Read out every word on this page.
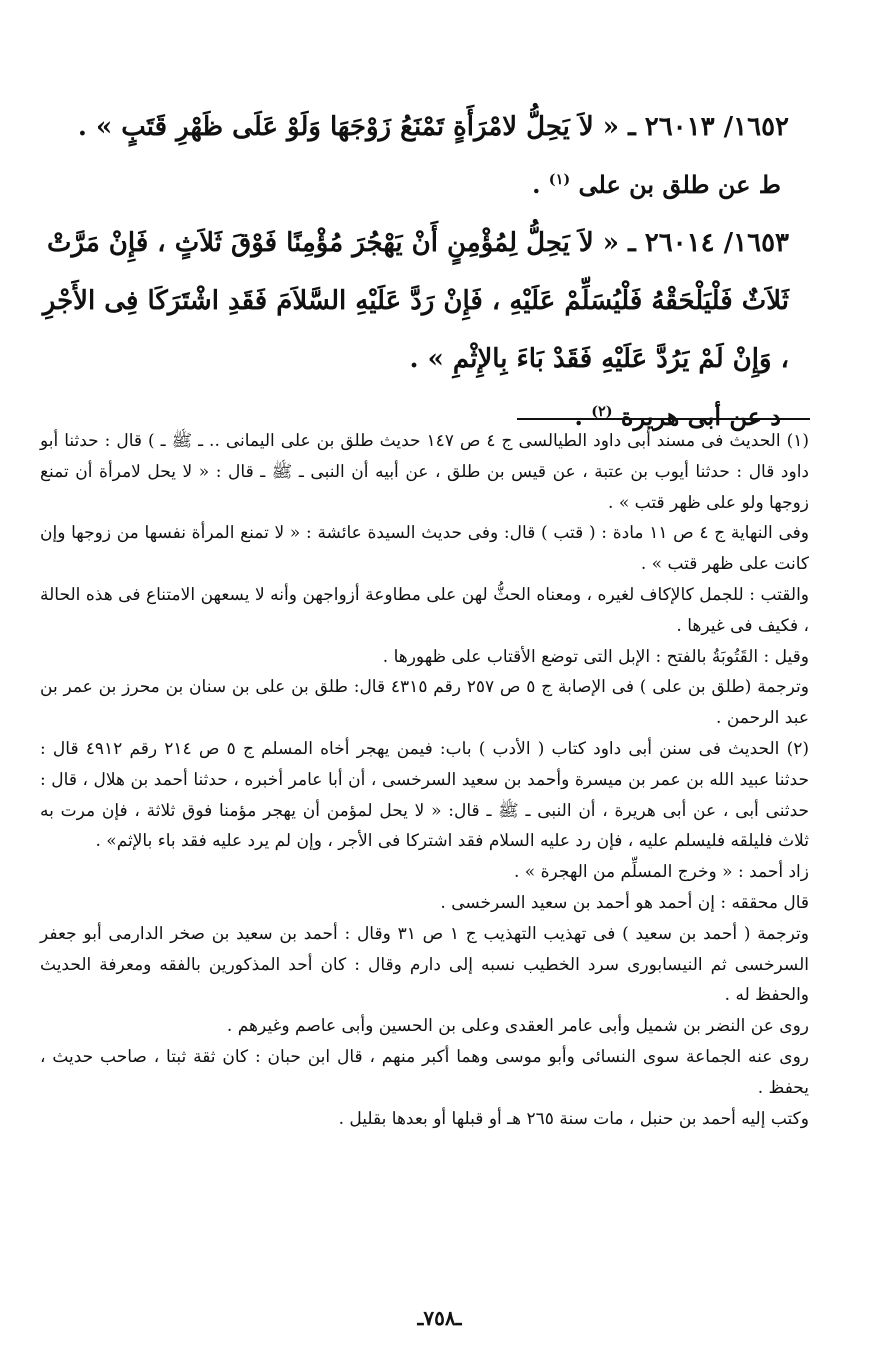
١٦٥٢/ ٢٦٠١٣ ـ « لاَ يَحِلُّ لامْرَأَةٍ تَمْنَعُ زَوْجَهَا وَلَوْ عَلَى ظَهْرِ قَتَبٍ » .

ط عن طلق بن على $^{(١)}$ .

١٦٥٣/ ٢٦٠١٤ ـ « لاَ يَحِلُّ لِمُؤْمِنٍ أَنْ يَهْجُرَ مُؤْمِنًا فَوْقَ ثَلاَثٍ ، فَإِنْ مَرَّتْ ثَلاَثٌ فَلْيَلْحَقْهُ فَلْيُسَلِّمْ عَلَيْهِ ، فَإِنْ رَدَّ عَلَيْهِ السَّلاَمَ فَقَدِ اشْتَرَكَا فِى الأَجْرِ ، وَإِنْ لَمْ يَرُدَّ عَلَيْهِ فَقَدْ بَاءَ بِالإِثْمِ » .

د عن أبى هريرة $^{(٢)}$ .

(١) الحديث فى مسند أبى داود الطيالسى ج ٤ ص ١٤٧ حديث طلق بن على اليمانى .. ـ ﷺ ـ ) قال : حدثنا أبو داود قال : حدثنا أيوب بن عتبة ، عن قيس بن طلق ، عن أبيه أن النبى ـ ﷺ ـ قال : « لا يحل لامرأة أن تمنع زوجها ولو على ظهر قتب » .

وفى النهاية ج ٤ ص ١١ مادة : ( قتب ) قال: وفى حديث السيدة عائشة : « لا تمنع المرأة نفسها من زوجها وإن كانت على ظهر قتب » .

والقتب : للجمل كالإكاف لغيره ، ومعناه الحثُّ لهن على مطاوعة أزواجهن وأنه لا يسعهن الامتناع فى هذه الحالة ، فكيف فى غيرها .

وقيل : القَتُوبَةُ بالفتح : الإبل التى توضع الأقتاب على ظهورها .

وترجمة (طلق بن على ) فى الإصابة ج ٥ ص ٢٥٧ رقم ٤٣١٥ قال: طلق بن على بن سنان بن محرز بن عمر بن عبد الرحمن .

(٢) الحديث فى سنن أبى داود كتاب ( الأدب ) باب: فيمن يهجر أخاه المسلم ج ٥ ص ٢١٤ رقم ٤٩١٢ قال : حدثنا عبيد الله بن عمر بن ميسرة وأحمد بن سعيد السرخسى ، أن أبا عامر أخبره ، حدثنا أحمد بن هلال ، قال : حدثنى أبى ، عن أبى هريرة ، أن النبى ـ ﷺ ـ قال: « لا يحل لمؤمن أن يهجر مؤمنا فوق ثلاثة ، فإن مرت به ثلاث فليلقه فليسلم عليه ، فإن رد عليه السلام فقد اشتركا فى الأجر ، وإن لم يرد عليه فقد باء بالإثم» .

زاد أحمد : « وخرج المسلِّم من الهجرة » .

قال محققه : إن أحمد هو أحمد بن سعيد السرخسى .

وترجمة ( أحمد بن سعيد ) فى تهذيب التهذيب ج ١ ص ٣١ وقال : أحمد بن سعيد بن صخر الدارمى أبو جعفر السرخسى ثم النيسابورى سرد الخطيب نسبه إلى دارم وقال : كان أحد المذكورين بالفقه ومعرفة الحديث والحفظ له .

روى عن النضر بن شميل وأبى عامر العقدى وعلى بن الحسين وأبى عاصم وغيرهم .

روى عنه الجماعة سوى النسائى وأبو موسى وهما أكبر منهم ، قال ابن حبان : كان ثقة ثبتا ، صاحب حديث ، يحفظ .

وكتب إليه أحمد بن حنبل ، مات سنة ٢٦٥ هـ أو قبلها أو بعدها بقليل .

ـ٧٥٨ـ
